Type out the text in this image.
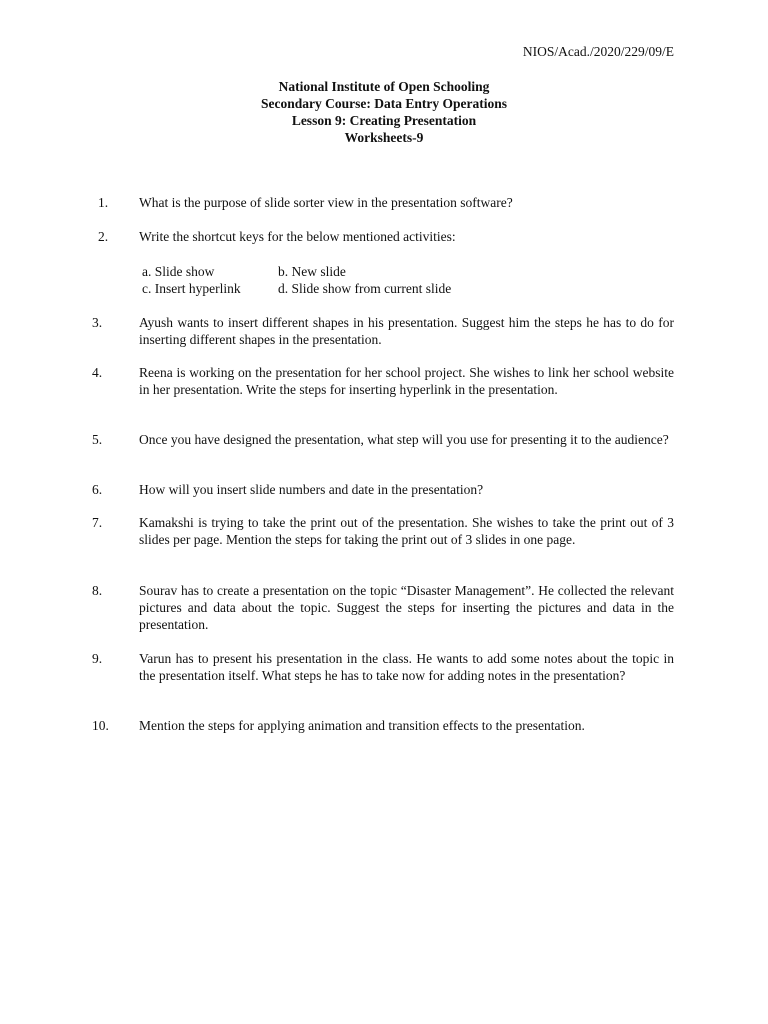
NIOS/Acad./2020/229/09/E
National Institute of Open Schooling
Secondary Course: Data Entry Operations
Lesson 9: Creating Presentation
Worksheets-9
1.	What is the purpose of slide sorter view in the presentation software?
2.	Write the shortcut keys for the below mentioned activities:
a. Slide show	b. New slide
c. Insert hyperlink	d. Slide show from current slide
3.	Ayush wants to insert different shapes in his presentation. Suggest him the steps he has to do for inserting different shapes in the presentation.
4.	Reena is working on the presentation for her school project. She wishes to link her school website in her presentation. Write the steps for inserting hyperlink in the presentation.
5.	Once you have designed the presentation, what step will you use for presenting it to the audience?
6.	How will you insert slide numbers and date in the presentation?
7.	Kamakshi is trying to take the print out of the presentation. She wishes to take the print out of 3 slides per page. Mention the steps for taking the print out of 3 slides in one page.
8.	Sourav has to create a presentation on the topic “Disaster Management”. He collected the relevant pictures and data about the topic. Suggest the steps for inserting the pictures and data in the presentation.
9.	Varun has to present his presentation in the class. He wants to add some notes about the topic in the presentation itself. What steps he has to take now for adding notes in the presentation?
10.	Mention the steps for applying animation and transition effects to the presentation.
